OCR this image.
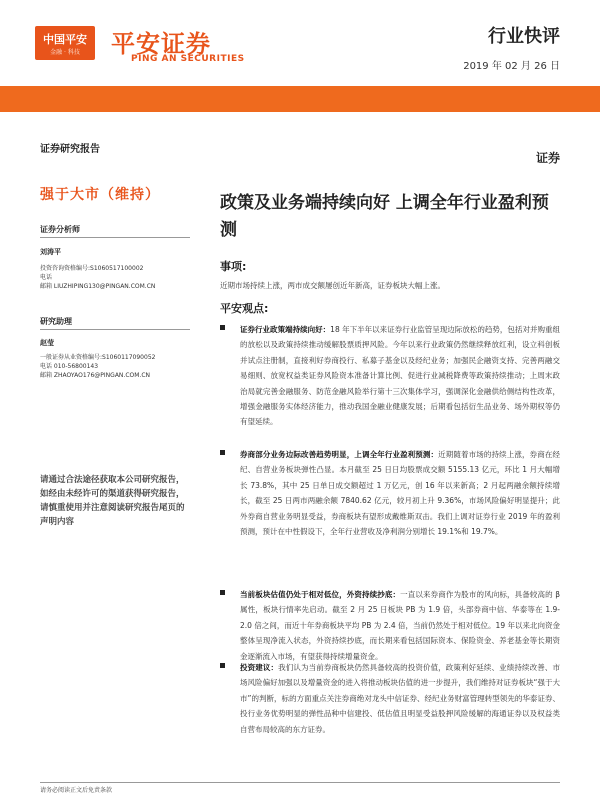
中国平安
金融 · 科技	平安证券
PING AN SECURITIES
行业快评
2019 年 02 月 26 日
证券研究报告
强于大市（维持）
证券分析师
刘涛平
投资咨询资格编号:S1060517100002
电话
邮箱 LIUZHIPING130@PINGAN.COM.CN
研究助理
赵莹
一般证券从业资格编号:S1060117090052
电话 010-56800143
邮箱 ZHAOYAO176@PINGAN.COM.CN
请通过合法途径获取本公司研究报告，如经由未经许可的渠道获得研究报告，请慎重使用并注意阅读研究报告尾页的声明内容
证券
政策及业务端持续向好 上调全年行业盈利预测
事项:
近期市场持续上涨，两市成交额屡创近年新高，证券板块大幅上涨。
平安观点:
证券行业政策端持续向好：18 年下半年以来证券行业监管呈现边际放松的趋势，包括对并购重组的放松以及政策持续推动缓解股票质押风险。今年以来行业政策仍然继续释放红利，设立科创板并试点注册制，直接利好券商投行、私募子基金以及经纪业务；加强民企融资支持、完善两融交易细则、放宽权益类证券风险资本准备计算比例、促进行业减税降费等政策持续推动；上周末政治局就完善金融服务、防范金融风险举行第十三次集体学习，强调深化金融供给侧结构性改革，增强金融服务实体经济能力，推动我国金融业健康发展；后期看包括衍生品业务、场外期权等仍有望延续。
券商部分业务边际改善趋势明显，上调全年行业盈利预测：近期随着市场的持续上涨，券商在经纪、自营业务板块弹性凸显。本月截至 25 日日均股票成交额 5155.13 亿元，环比 1 月大幅增长 73.8%，其中 25 日单日成交额超过 1 万亿元，创 16 年以来新高；2 月起两融余额持续增长，截至 25 日两市两融余额 7840.62 亿元，较月初上升 9.36%，市场风险偏好明显提升；此外券商自营业务明显受益，券商板块有望形成戴维斯双击。我们上调对证券行业 2019 年的盈利预测，预计在中性假设下，全年行业营收及净利润分别增长 19.1%和 19.7%。
当前板块估值仍处于相对低位，外资持续抄底：一直以来券商作为股市的风向标，具备较高的 β 属性，板块行情率先启动。截至 2 月 25 日板块 PB 为 1.9 倍，头部券商中信、华泰等在 1.9-2.0 倍之间，而近十年券商板块平均 PB 为 2.4 倍，当前仍然处于相对低位。19 年以来北向资金整体呈现净流入状态，外资持续抄底，而长期来看包括国际资本、保险资金、养老基金等长期资金逐渐流入市场，有望获得持续增量资金。
投资建议：我们认为当前券商板块仍然具备较高的投资价值，政策利好延续、业绩持续改善、市场风险偏好加强以及增量资金的进入将推动板块估值的进一步提升，我们维持对证券板块“强于大市”的判断，标的方面重点关注券商绝对龙头中信证券、经纪业务财富管理转型领先的华泰证券、投行业务优势明显的弹性品种中信建投、低估值且明显受益股押风险缓解的海通证券以及权益类自营布局较高的东方证券。
请务必阅读正文后免责条款
